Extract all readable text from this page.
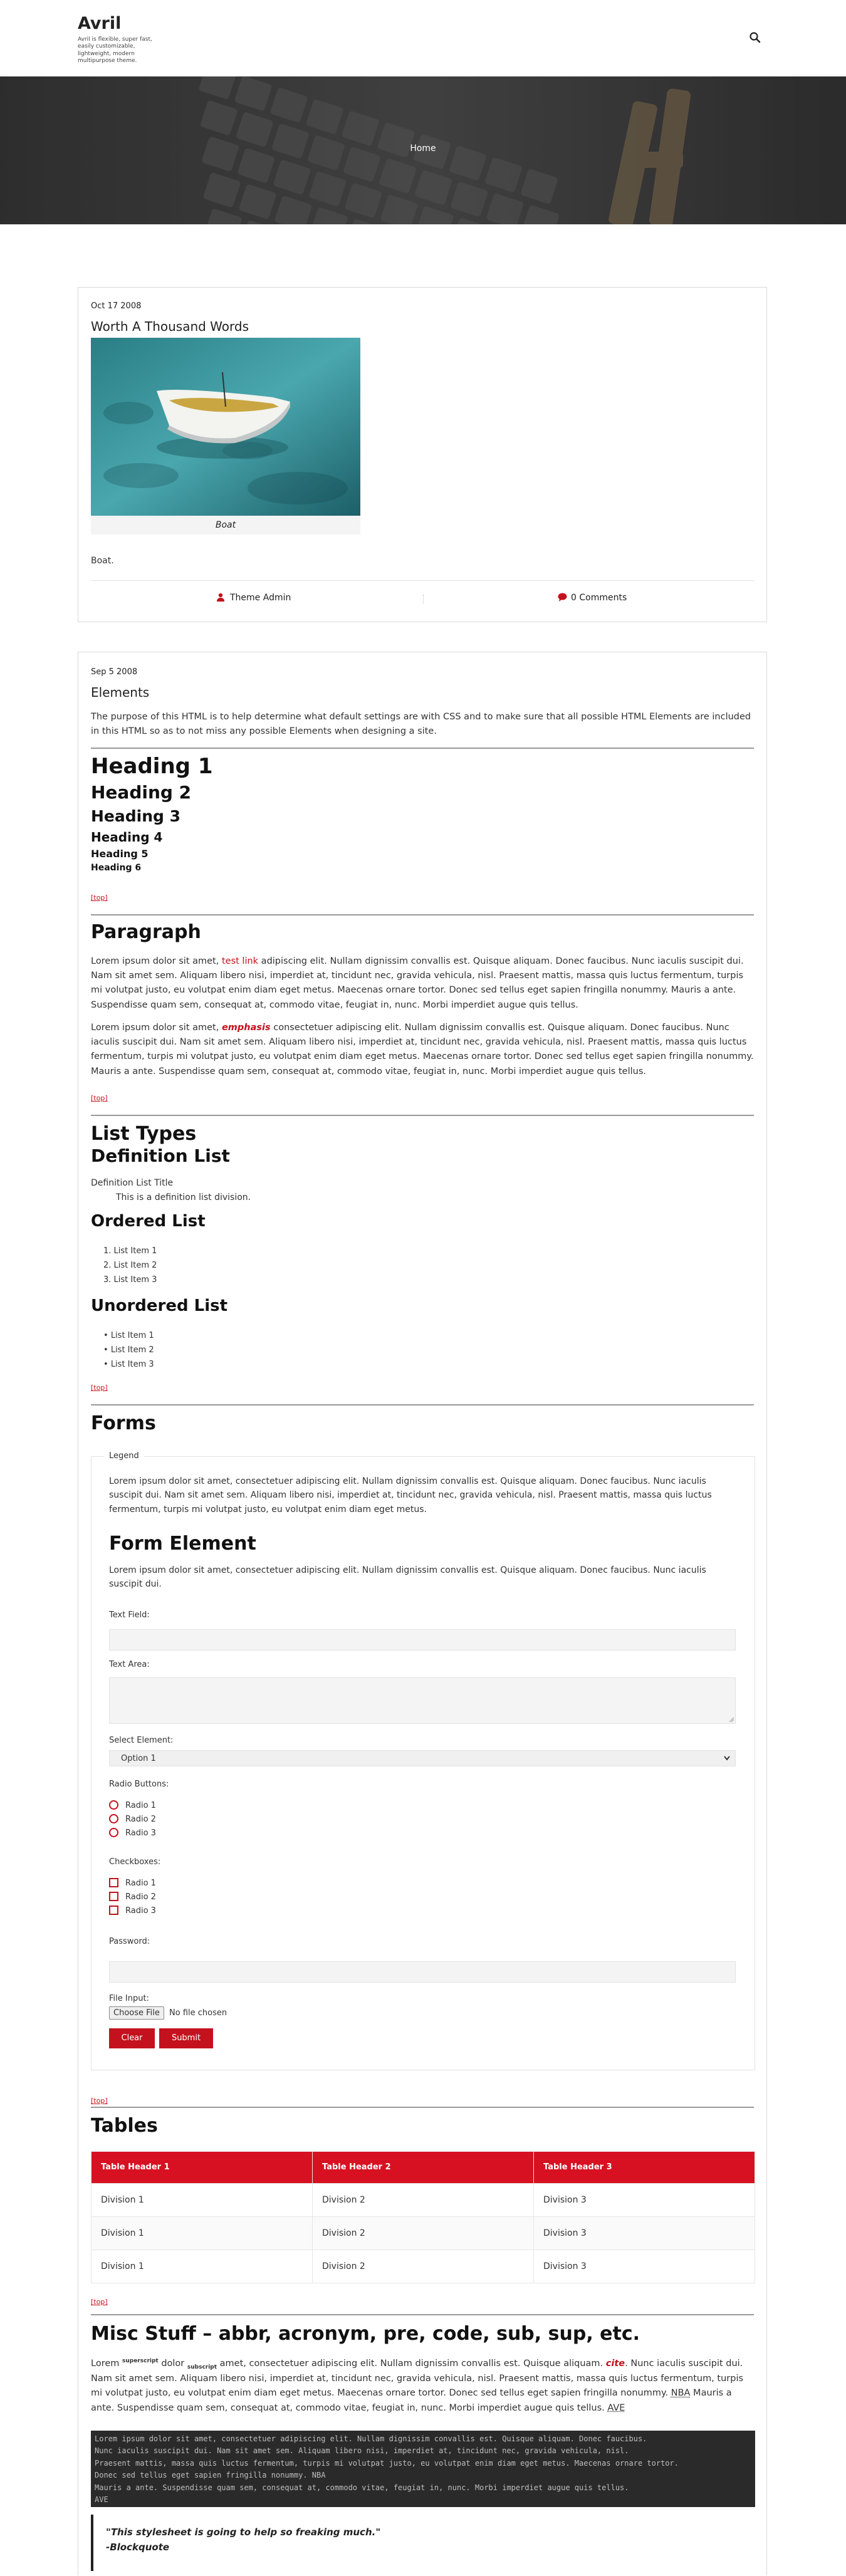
Avril
Avril is flexible, super fast, easily customizable, lightweight, modern multipurpose theme.
Home
Oct 17 2008
Worth A Thousand Words
Boat
Boat.
Theme Admin	0 Comments
Sep 5 2008
Elements
The purpose of this HTML is to help determine what default settings are with CSS and to make sure that all possible HTML Elements are included in this HTML so as to not miss any possible Elements when designing a site.
Heading 1
Heading 2
Heading 3
Heading 4
Heading 5
Heading 6
[top]
Paragraph
Lorem ipsum dolor sit amet, test link adipiscing elit. Nullam dignissim convallis est. Quisque aliquam. Donec faucibus. Nunc iaculis suscipit dui. Nam sit amet sem. Aliquam libero nisi, imperdiet at, tincidunt nec, gravida vehicula, nisl. Praesent mattis, massa quis luctus fermentum, turpis mi volutpat justo, eu volutpat enim diam eget metus. Maecenas ornare tortor. Donec sed tellus eget sapien fringilla nonummy. Mauris a ante. Suspendisse quam sem, consequat at, commodo vitae, feugiat in, nunc. Morbi imperdiet augue quis tellus.
Lorem ipsum dolor sit amet, emphasis consectetuer adipiscing elit. Nullam dignissim convallis est. Quisque aliquam. Donec faucibus. Nunc iaculis suscipit dui. Nam sit amet sem. Aliquam libero nisi, imperdiet at, tincidunt nec, gravida vehicula, nisl. Praesent mattis, massa quis luctus fermentum, turpis mi volutpat justo, eu volutpat enim diam eget metus. Maecenas ornare tortor. Donec sed tellus eget sapien fringilla nonummy. Mauris a ante. Suspendisse quam sem, consequat at, commodo vitae, feugiat in, nunc. Morbi imperdiet augue quis tellus.
[top]
List Types
Definition List
Definition List Title
This is a definition list division.
Ordered List
1. List Item 1
2. List Item 2
3. List Item 3
Unordered List
• List Item 1
• List Item 2
• List Item 3
[top]
Forms
Legend
Lorem ipsum dolor sit amet, consectetuer adipiscing elit. Nullam dignissim convallis est. Quisque aliquam. Donec faucibus. Nunc iaculis suscipit dui. Nam sit amet sem. Aliquam libero nisi, imperdiet at, tincidunt nec, gravida vehicula, nisl. Praesent mattis, massa quis luctus fermentum, turpis mi volutpat justo, eu volutpat enim diam eget metus.
Form Element
Lorem ipsum dolor sit amet, consectetuer adipiscing elit. Nullam dignissim convallis est. Quisque aliquam. Donec faucibus. Nunc iaculis suscipit dui.
Text Field:
Text Area:
Select Element:
Option 1
Radio Buttons:
Radio 1
Radio 2
Radio 3
Checkboxes:
Radio 1
Radio 2
Radio 3
Password:
File Input:
Choose File No file chosen
Clear	Submit
[top]
Tables
Table Header 1	Table Header 2	Table Header 3
Division 1	Division 2	Division 3
Division 1	Division 2	Division 3
Division 1	Division 2	Division 3
[top]
Misc Stuff – abbr, acronym, pre, code, sub, sup, etc.
Lorem $^{superscript}$ dolor $_{subscript}$ amet, consectetuer adipiscing elit. Nullam dignissim convallis est. Quisque aliquam. cite. Nunc iaculis suscipit dui. Nam sit amet sem. Aliquam libero nisi, imperdiet at, tincidunt nec, gravida vehicula, nisl. Praesent mattis, massa quis luctus fermentum, turpis mi volutpat justo, eu volutpat enim diam eget metus. Maecenas ornare tortor. Donec sed tellus eget sapien fringilla nonummy. NBA Mauris a ante. Suspendisse quam sem, consequat at, commodo vitae, feugiat in, nunc. Morbi imperdiet augue quis tellus. AVE
Lorem ipsum dolor sit amet, consectetuer adipiscing elit. Nullam dignissim convallis est. Quisque aliquam. Donec faucibus.
Nunc iaculis suscipit dui. Nam sit amet sem. Aliquam libero nisi, imperdiet at, tincidunt nec, gravida vehicula, nisl.
Praesent mattis, massa quis luctus fermentum, turpis mi volutpat justo, eu volutpat enim diam eget metus. Maecenas ornare tortor.
Donec sed tellus eget sapien fringilla nonummy. NBA
Mauris a ante. Suspendisse quam sem, consequat at, commodo vitae, feugiat in, nunc. Morbi imperdiet augue quis tellus.
AVE
"This stylesheet is going to help so freaking much."
-Blockquote
